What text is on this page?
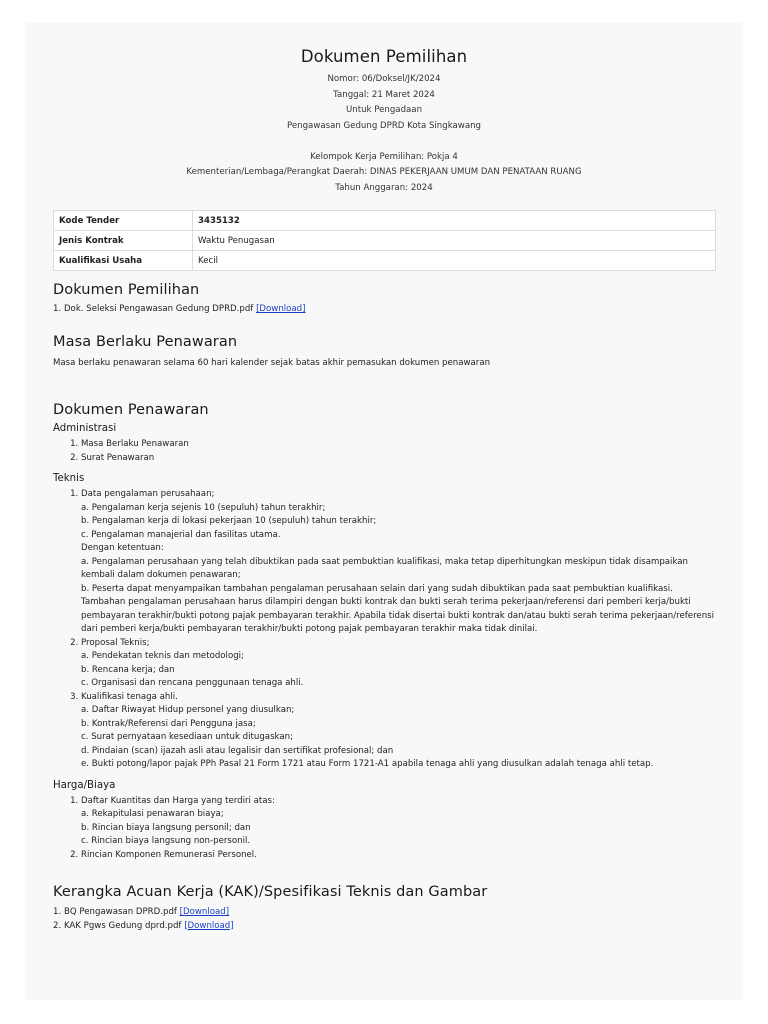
Dokumen Pemilihan
Nomor: 06/Doksel/JK/2024
Tanggal: 21 Maret 2024
Untuk Pengadaan
Pengawasan Gedung DPRD Kota Singkawang
Kelompok Kerja Pemilihan: Pokja 4
Kementerian/Lembaga/Perangkat Daerah: DINAS PEKERJAAN UMUM DAN PENATAAN RUANG
Tahun Anggaran: 2024
Kode Tender	3435132
Jenis Kontrak	Waktu Penugasan
Kualifikasi Usaha	Kecil
Dokumen Pemilihan
1. Dok. Seleksi Pengawasan Gedung DPRD.pdf [Download]
Masa Berlaku Penawaran
Masa berlaku penawaran selama 60 hari kalender sejak batas akhir pemasukan dokumen penawaran
Dokumen Penawaran
Administrasi
1. Masa Berlaku Penawaran
2. Surat Penawaran
Teknis
1. Data pengalaman perusahaan;
a. Pengalaman kerja sejenis 10 (sepuluh) tahun terakhir;
b. Pengalaman kerja di lokasi pekerjaan 10 (sepuluh) tahun terakhir;
c. Pengalaman manajerial dan fasilitas utama.
Dengan ketentuan:
a. Pengalaman perusahaan yang telah dibuktikan pada saat pembuktian kualifikasi, maka tetap diperhitungkan meskipun tidak disampaikan kembali dalam dokumen penawaran;
b. Peserta dapat menyampaikan tambahan pengalaman perusahaan selain dari yang sudah dibuktikan pada saat pembuktian kualifikasi. Tambahan pengalaman perusahaan harus dilampiri dengan bukti kontrak dan bukti serah terima pekerjaan/referensi dari pemberi kerja/bukti pembayaran terakhir/bukti potong pajak pembayaran terakhir. Apabila tidak disertai bukti kontrak dan/atau bukti serah terima pekerjaan/referensi dari pemberi kerja/bukti pembayaran terakhir/bukti potong pajak pembayaran terakhir maka tidak dinilai.
2. Proposal Teknis;
a. Pendekatan teknis dan metodologi;
b. Rencana kerja; dan
c. Organisasi dan rencana penggunaan tenaga ahli.
3. Kualifikasi tenaga ahli.
a. Daftar Riwayat Hidup personel yang diusulkan;
b. Kontrak/Referensi dari Pengguna jasa;
c. Surat pernyataan kesediaan untuk ditugaskan;
d. Pindaian (scan) ijazah asli atau legalisir dan sertifikat profesional; dan
e. Bukti potong/lapor pajak PPh Pasal 21 Form 1721 atau Form 1721-A1 apabila tenaga ahli yang diusulkan adalah tenaga ahli tetap.
Harga/Biaya
1. Daftar Kuantitas dan Harga yang terdiri atas:
a. Rekapitulasi penawaran biaya;
b. Rincian biaya langsung personil; dan
c. Rincian biaya langsung non-personil.
2. Rincian Komponen Remunerasi Personel.
Kerangka Acuan Kerja (KAK)/Spesifikasi Teknis dan Gambar
1. BQ Pengawasan DPRD.pdf [Download]
2. KAK Pgws Gedung dprd.pdf [Download]
